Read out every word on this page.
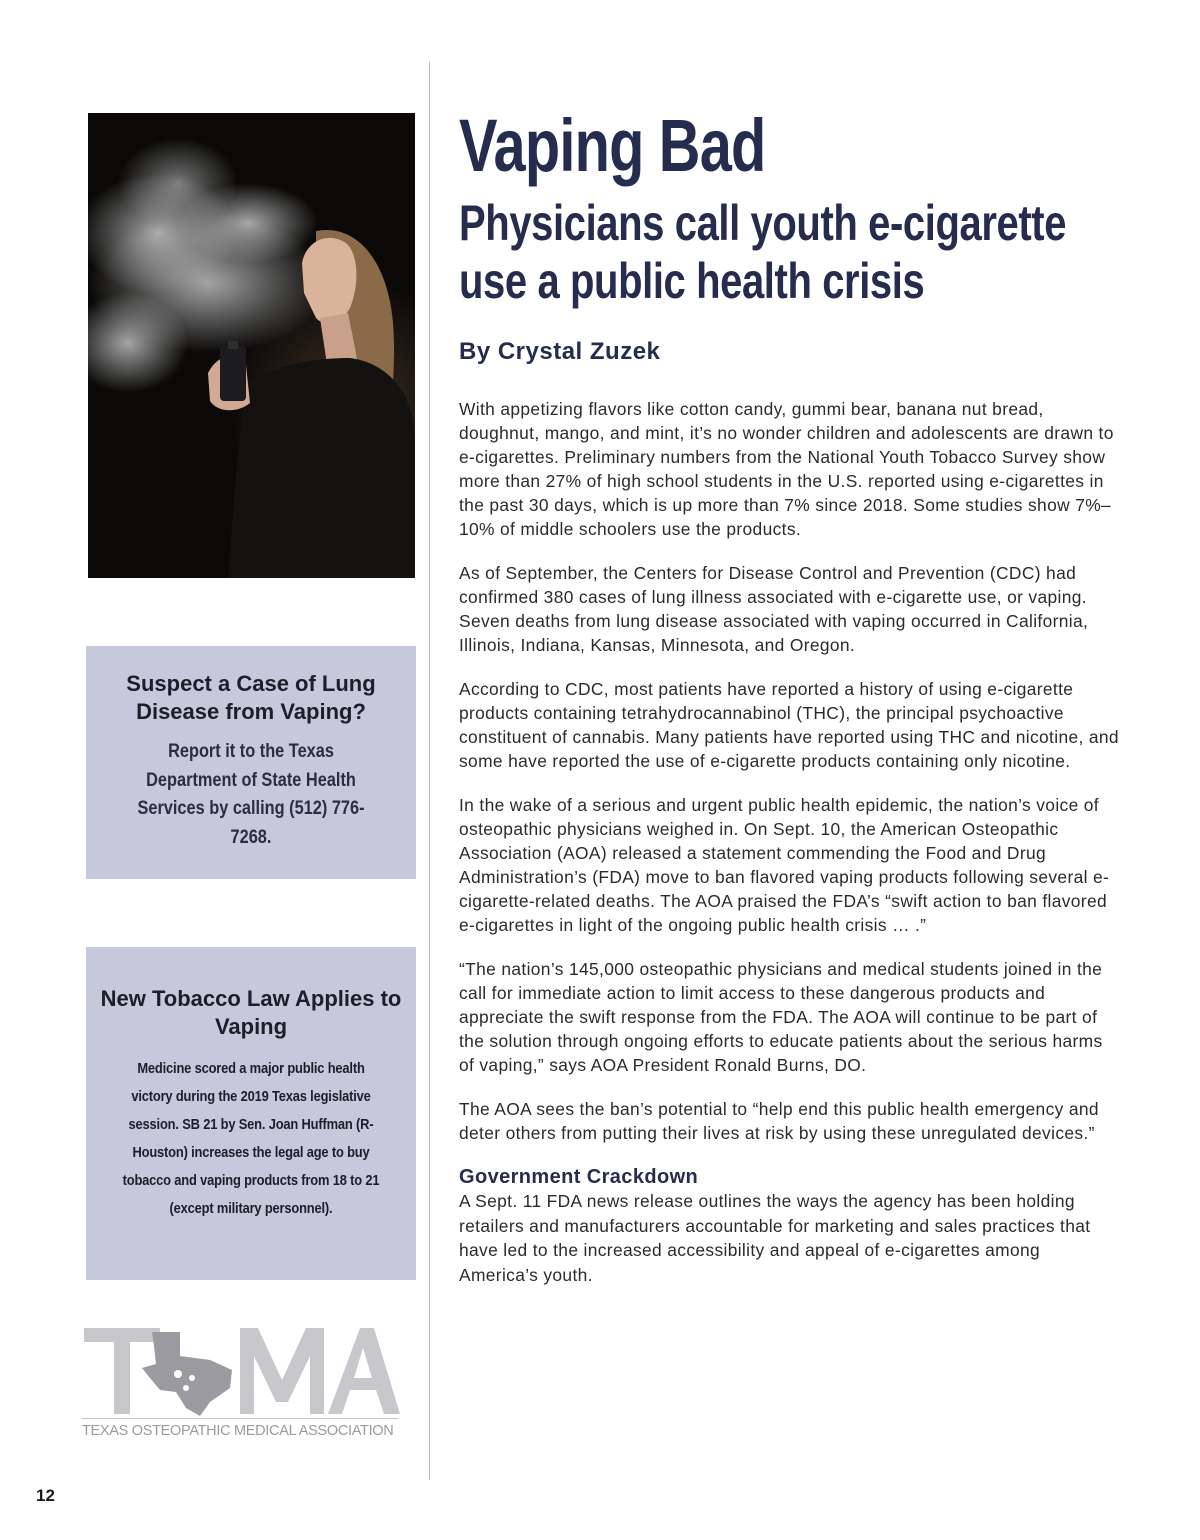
Suspect a Case of Lung Disease from Vaping?

Report it to the Texas Department of State Health Services by calling (512) 776-7268.

New Tobacco Law Applies to Vaping

Medicine scored a major public health victory during the 2019 Texas legislative session. SB 21 by Sen. Joan Huffman (R-Houston) increases the legal age to buy tobacco and vaping products from 18 to 21 (except military personnel).

TOMA
TEXAS OSTEOPATHIC MEDICAL ASSOCIATION
Vaping Bad
Physicians call youth e-cigarette
use a public health crisis

By Crystal Zuzek

With appetizing flavors like cotton candy, gummi bear, banana nut bread, doughnut, mango, and mint, it’s no wonder children and adolescents are drawn to e-cigarettes. Preliminary numbers from the National Youth Tobacco Survey show more than 27% of high school students in the U.S. reported using e-cigarettes in the past 30 days, which is up more than 7% since 2018. Some studies show 7%–10% of middle schoolers use the products.

As of September, the Centers for Disease Control and Prevention (CDC) had confirmed 380 cases of lung illness associated with e-cigarette use, or vaping. Seven deaths from lung disease associated with vaping occurred in California, Illinois, Indiana, Kansas, Minnesota, and Oregon.

According to CDC, most patients have reported a history of using e-cigarette products containing tetrahydrocannabinol (THC), the principal psychoactive constituent of cannabis. Many patients have reported using THC and nicotine, and some have reported the use of e-cigarette products containing only nicotine.

In the wake of a serious and urgent public health epidemic, the nation’s voice of osteopathic physicians weighed in. On Sept. 10, the American Osteopathic Association (AOA) released a statement commending the Food and Drug Administration’s (FDA) move to ban flavored vaping products following several e-cigarette-related deaths. The AOA praised the FDA’s “swift action to ban flavored e-cigarettes in light of the ongoing public health crisis … .”

“The nation’s 145,000 osteopathic physicians and medical students joined in the call for immediate action to limit access to these dangerous products and appreciate the swift response from the FDA. The AOA will continue to be part of the solution through ongoing efforts to educate patients about the serious harms of vaping,” says AOA President Ronald Burns, DO.

The AOA sees the ban’s potential to “help end this public health emergency and deter others from putting their lives at risk by using these unregulated devices.”

Government Crackdown

A Sept. 11 FDA news release outlines the ways the agency has been holding retailers and manufacturers accountable for marketing and sales practices that have led to the increased accessibility and appeal of e-cigarettes among America’s youth.

12
